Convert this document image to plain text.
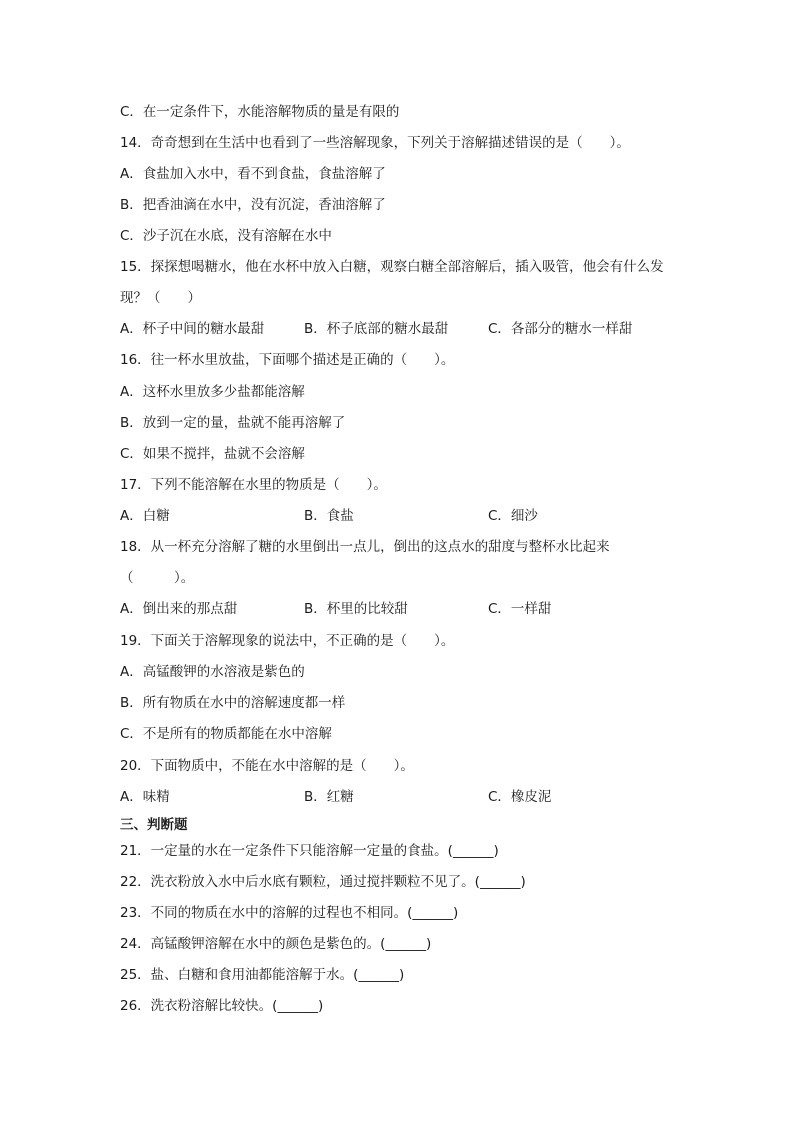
C．在一定条件下，水能溶解物质的量是有限的

14．奇奇想到在生活中也看到了一些溶解现象，下列关于溶解描述错误的是（　　）。

A．食盐加入水中，看不到食盐，食盐溶解了

B．把香油滴在水中，没有沉淀，香油溶解了

C．沙子沉在水底，没有溶解在水中

15．探探想喝糖水，他在水杯中放入白糖，观察白糖全部溶解后，插入吸管，他会有什么发

现？（　　）

A．杯子中间的糖水最甜	B．杯子底部的糖水最甜	C．各部分的糖水一样甜

16．往一杯水里放盐，下面哪个描述是正确的（　　）。

A．这杯水里放多少盐都能溶解

B．放到一定的量，盐就不能再溶解了

C．如果不搅拌，盐就不会溶解

17．下列不能溶解在水里的物质是（　　）。

A．白糖	B．食盐	C．细沙

18．从一杯充分溶解了糖的水里倒出一点儿，倒出的这点水的甜度与整杯水比起来

（　　　）。

A．倒出来的那点甜	B．杯里的比较甜	C．一样甜

19．下面关于溶解现象的说法中，不正确的是（　　）。

A．高锰酸钾的水溶液是紫色的

B．所有物质在水中的溶解速度都一样

C．不是所有的物质都能在水中溶解

20．下面物质中，不能在水中溶解的是（　　）。

A．味精	B．红糖	C．橡皮泥

三、判断题

21．一定量的水在一定条件下只能溶解一定量的食盐。(______)

22．洗衣粉放入水中后水底有颗粒，通过搅拌颗粒不见了。(______)

23．不同的物质在水中的溶解的过程也不相同。(______)

24．高锰酸钾溶解在水中的颜色是紫色的。(______)

25．盐、白糖和食用油都能溶解于水。(______)

26．洗衣粉溶解比较快。(______)
